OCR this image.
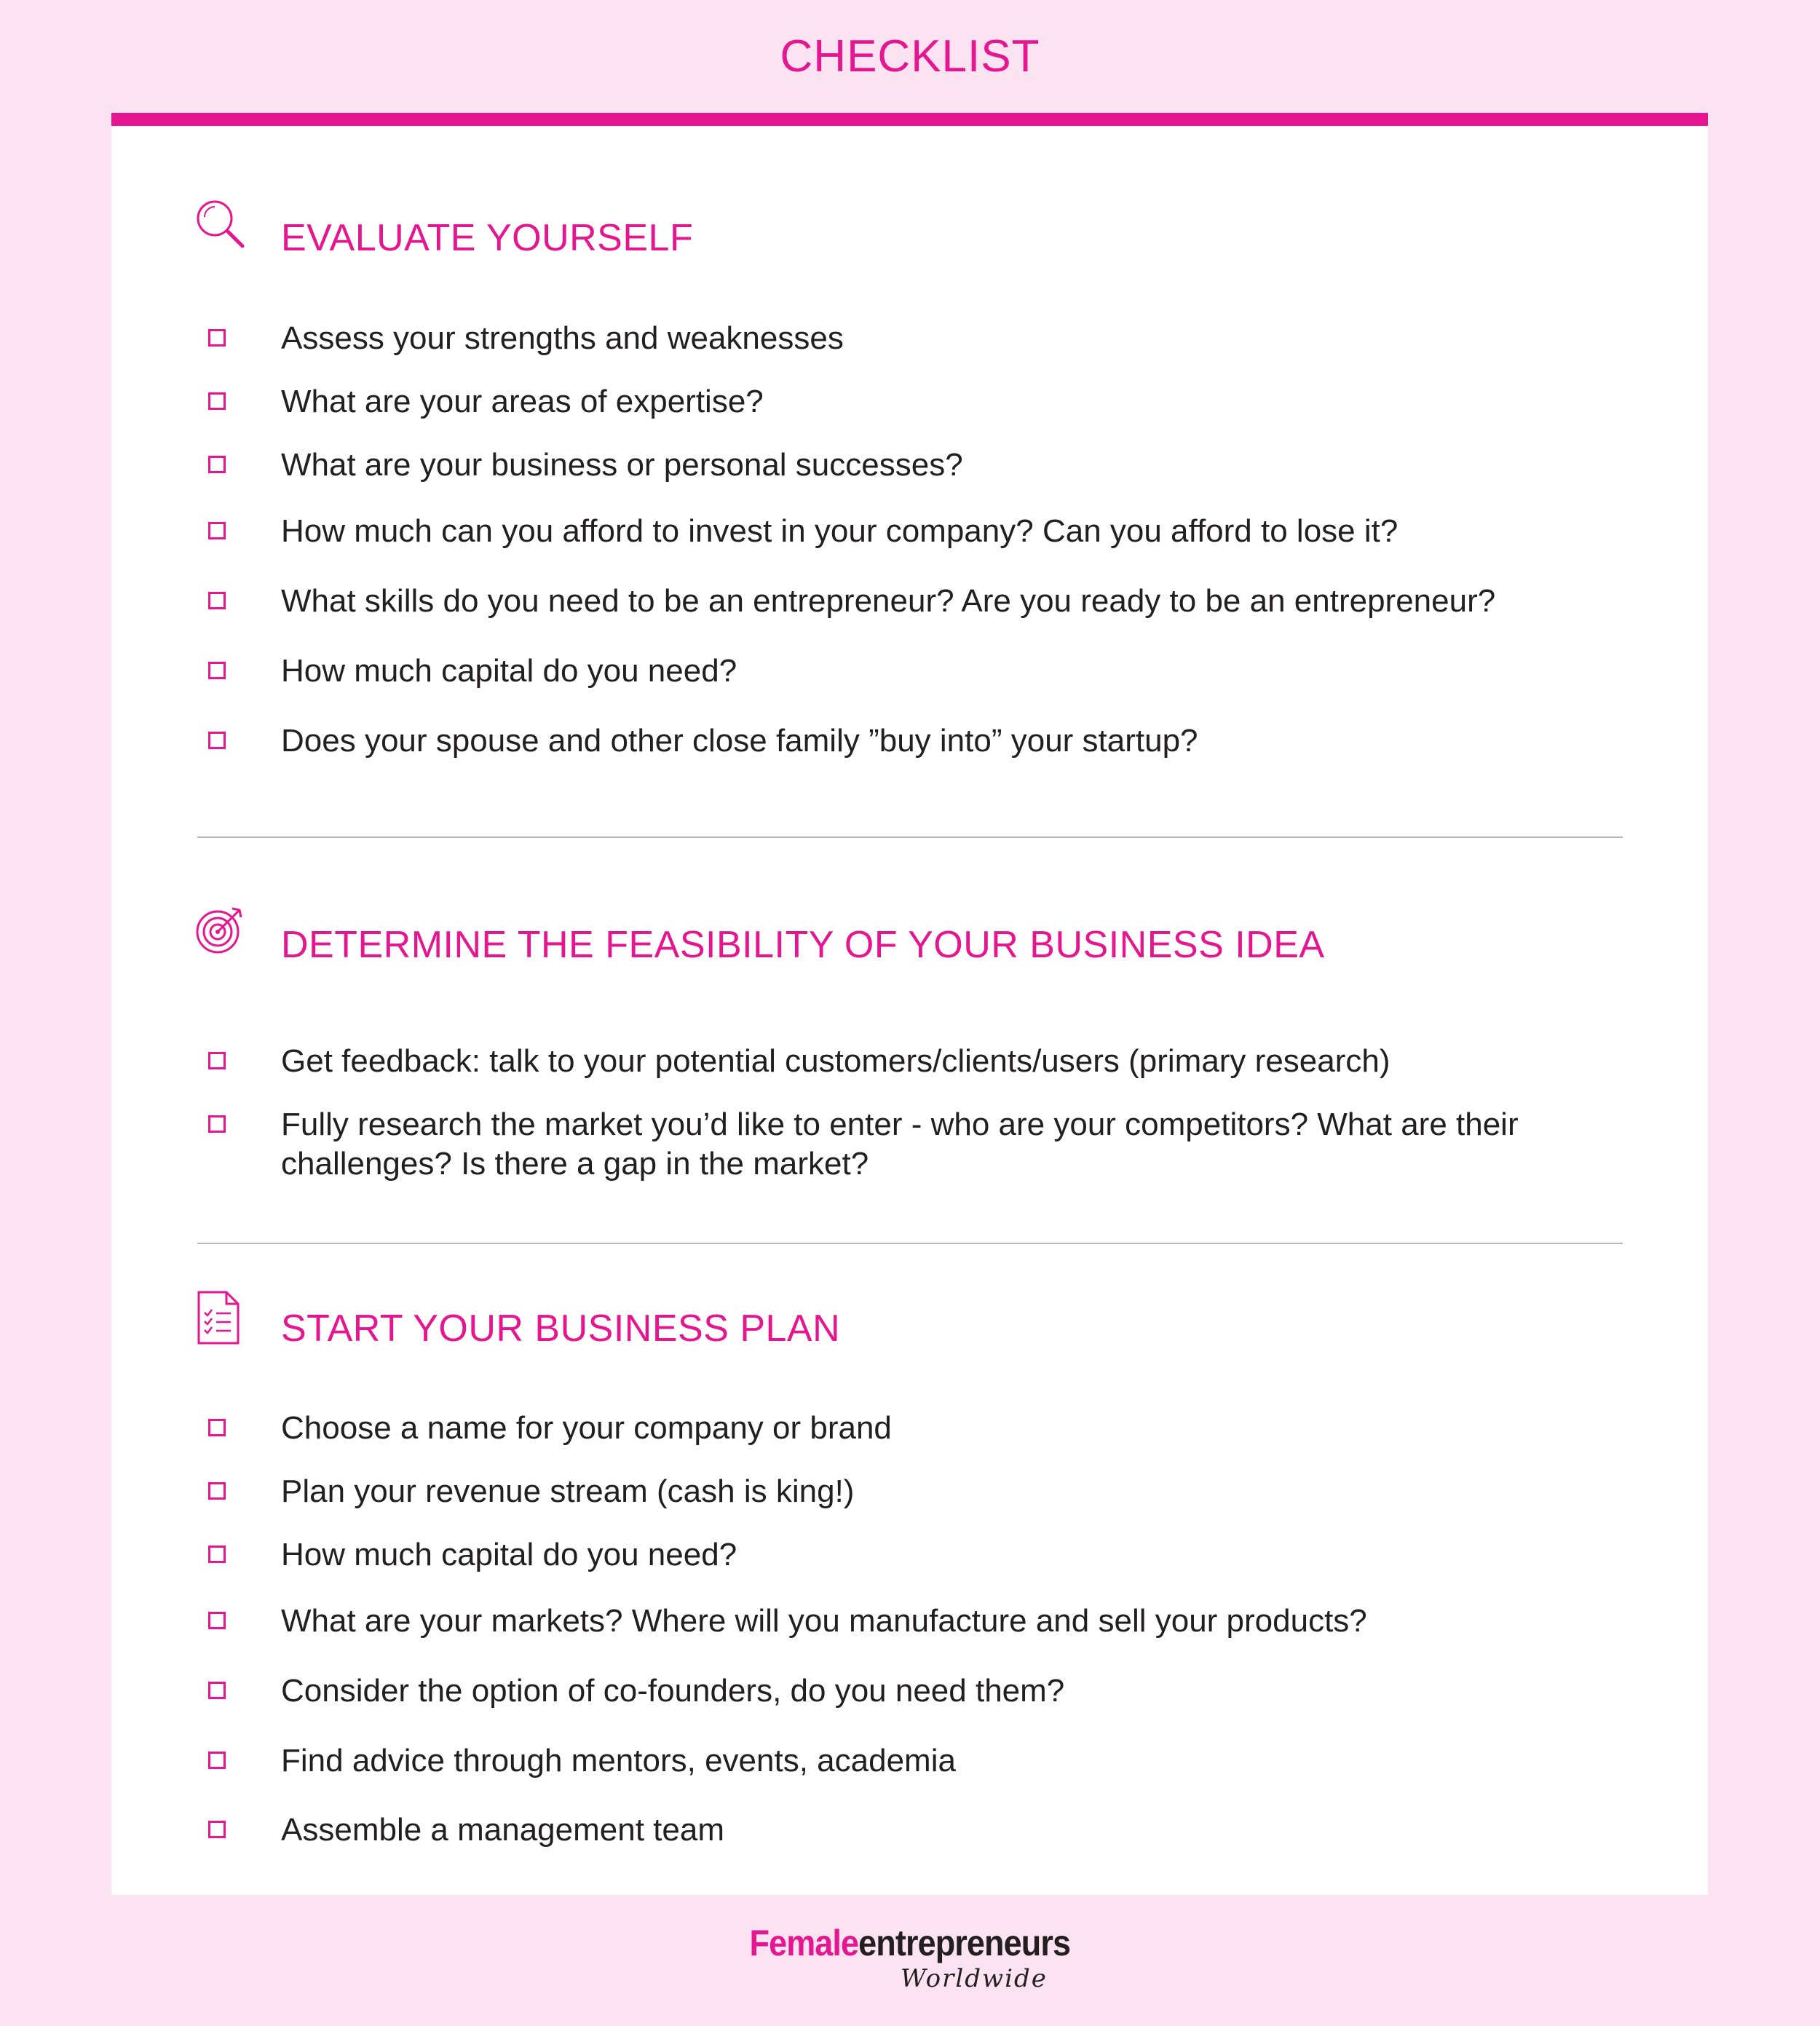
CHECKLIST
EVALUATE YOURSELF
Assess your strengths and weaknesses
What are your areas of expertise?
What are your business or personal successes?
How much can you afford to invest in your company? Can you afford to lose it?
What skills do you need to be an entrepreneur? Are you ready to be an entrepreneur?
How much capital do you need?
Does your spouse and other close family ”buy into” your startup?
DETERMINE THE FEASIBILITY OF YOUR BUSINESS IDEA
Get feedback: talk to your potential customers/clients/users (primary research)
Fully research the market you’d like to enter - who are your competitors? What are their challenges? Is there a gap in the market?
START YOUR BUSINESS PLAN
Choose a name for your company or brand
Plan your revenue stream (cash is king!)
How much capital do you need?
What are your markets? Where will you manufacture and sell your products?
Consider the option of co-founders, do you need them?
Find advice through mentors, events, academia
Assemble a management team
Femaleentrepreneurs
Worldwide
